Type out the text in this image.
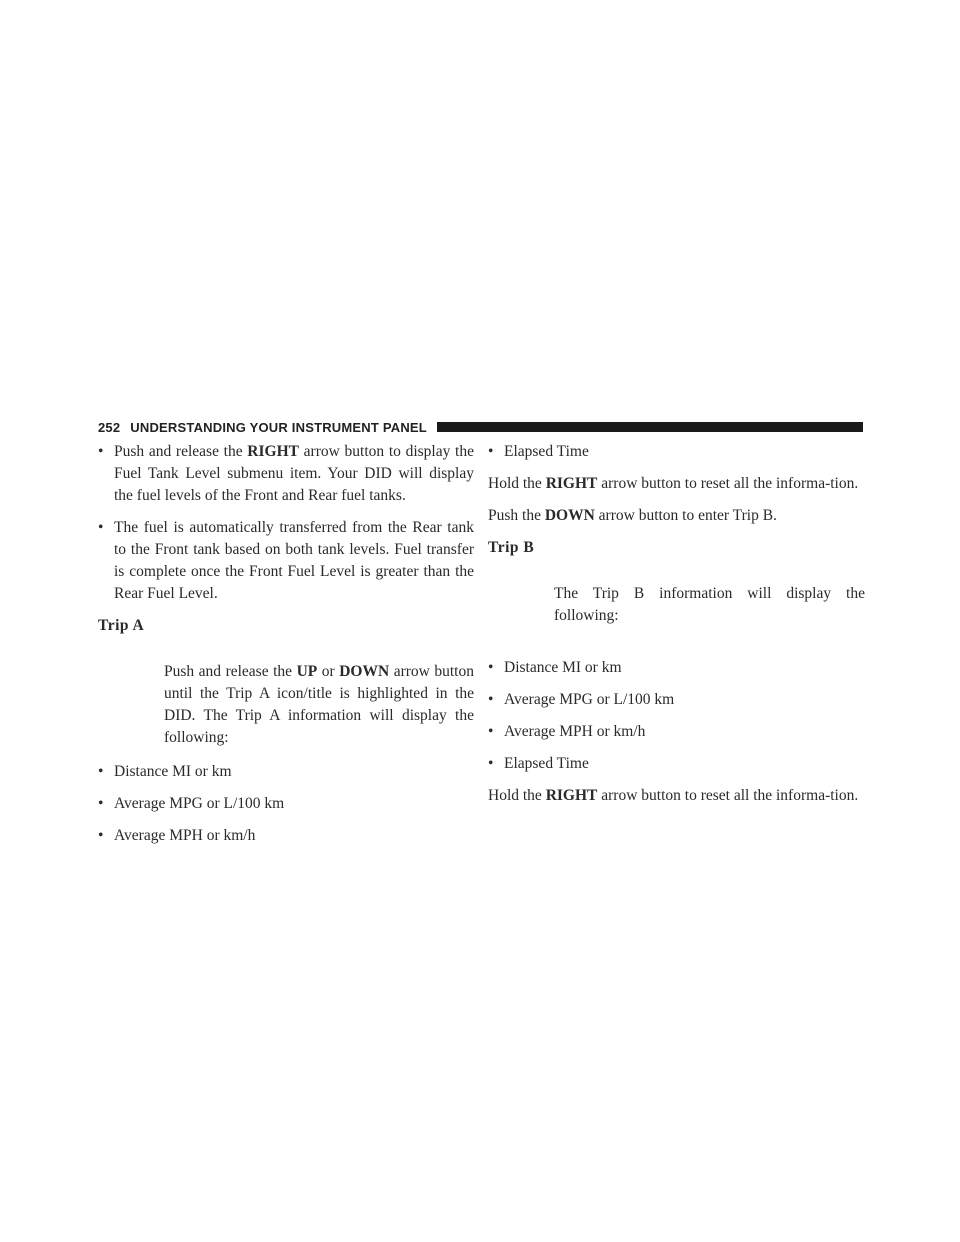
252 UNDERSTANDING YOUR INSTRUMENT PANEL

• Push and release the RIGHT arrow button to display the Fuel Tank Level submenu item. Your DID will display the fuel levels of the Front and Rear fuel tanks.

• The fuel is automatically transferred from the Rear tank to the Front tank based on both tank levels. Fuel transfer is complete once the Front Fuel Level is greater than the Rear Fuel Level.

Trip A

Push and release the UP or DOWN arrow button until the Trip A icon/title is highlighted in the DID. The Trip A information will display the following:

• Distance MI or km

• Average MPG or L/100 km

• Average MPH or km/h

• Elapsed Time

Hold the RIGHT arrow button to reset all the informa-tion.

Push the DOWN arrow button to enter Trip B.

Trip B

The Trip B information will display the following:

• Distance MI or km

• Average MPG or L/100 km

• Average MPH or km/h

• Elapsed Time

Hold the RIGHT arrow button to reset all the informa-tion.
